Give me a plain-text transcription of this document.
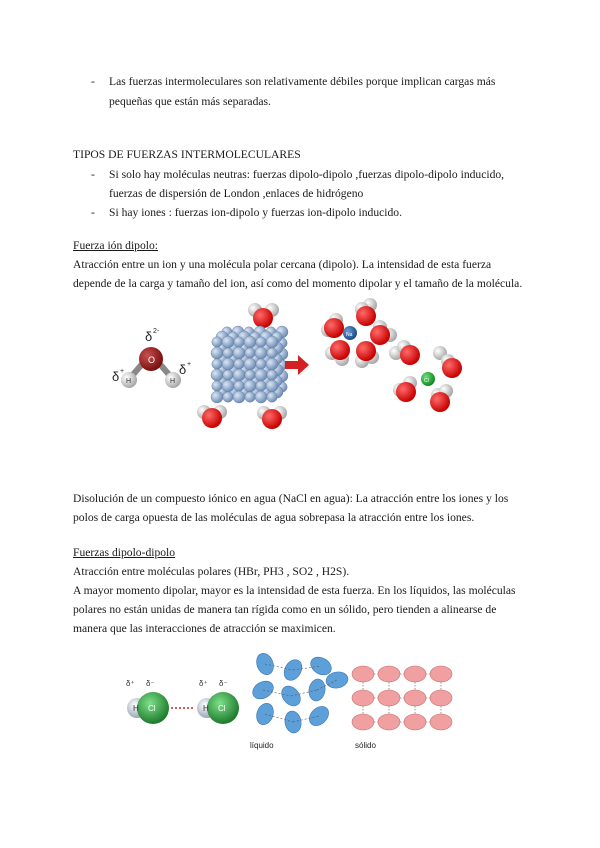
- Las fuerzas intermoleculares son relativamente débiles porque implican cargas más
pequeñas que están más separadas.
TIPOS DE FUERZAS INTERMOLECULARES
- Si solo hay moléculas neutras: fuerzas dipolo-dipolo ,fuerzas dipolo-dipolo inducido,
fuerzas de dispersión de London ,enlaces de hidrógeno
- Si hay iones : fuerzas ion-dipolo y fuerzas ion-dipolo inducido.
Fuerza ión dipolo:
Atracción entre un ion y una molécula polar cercana (dipolo). La intensidad de esta fuerza
depende de la carga y tamaño del ion, así como del momento dipolar y el tamaño de la molécula.
O
H	H
δ 2-
δ +	δ +
Na
Cl
Disolución de un compuesto iónico en agua (NaCl en agua): La atracción entre los iones y los
polos de carga opuesta de las moléculas de agua sobrepasa la atracción entre los iones.
Fuerzas dipolo-dipolo
Atracción entre moléculas polares (HBr, PH3 , SO2 , H2S).
A mayor momento dipolar, mayor es la intensidad de esta fuerza. En los líquidos, las moléculas
polares no están unidas de manera tan rígida como en un sólido, pero tienden a alinearse de
manera que las interacciones de atracción se maximicen.
δ⁺ δ⁻
H Cl
δ⁺ δ⁻
H Cl
líquido	sólido
